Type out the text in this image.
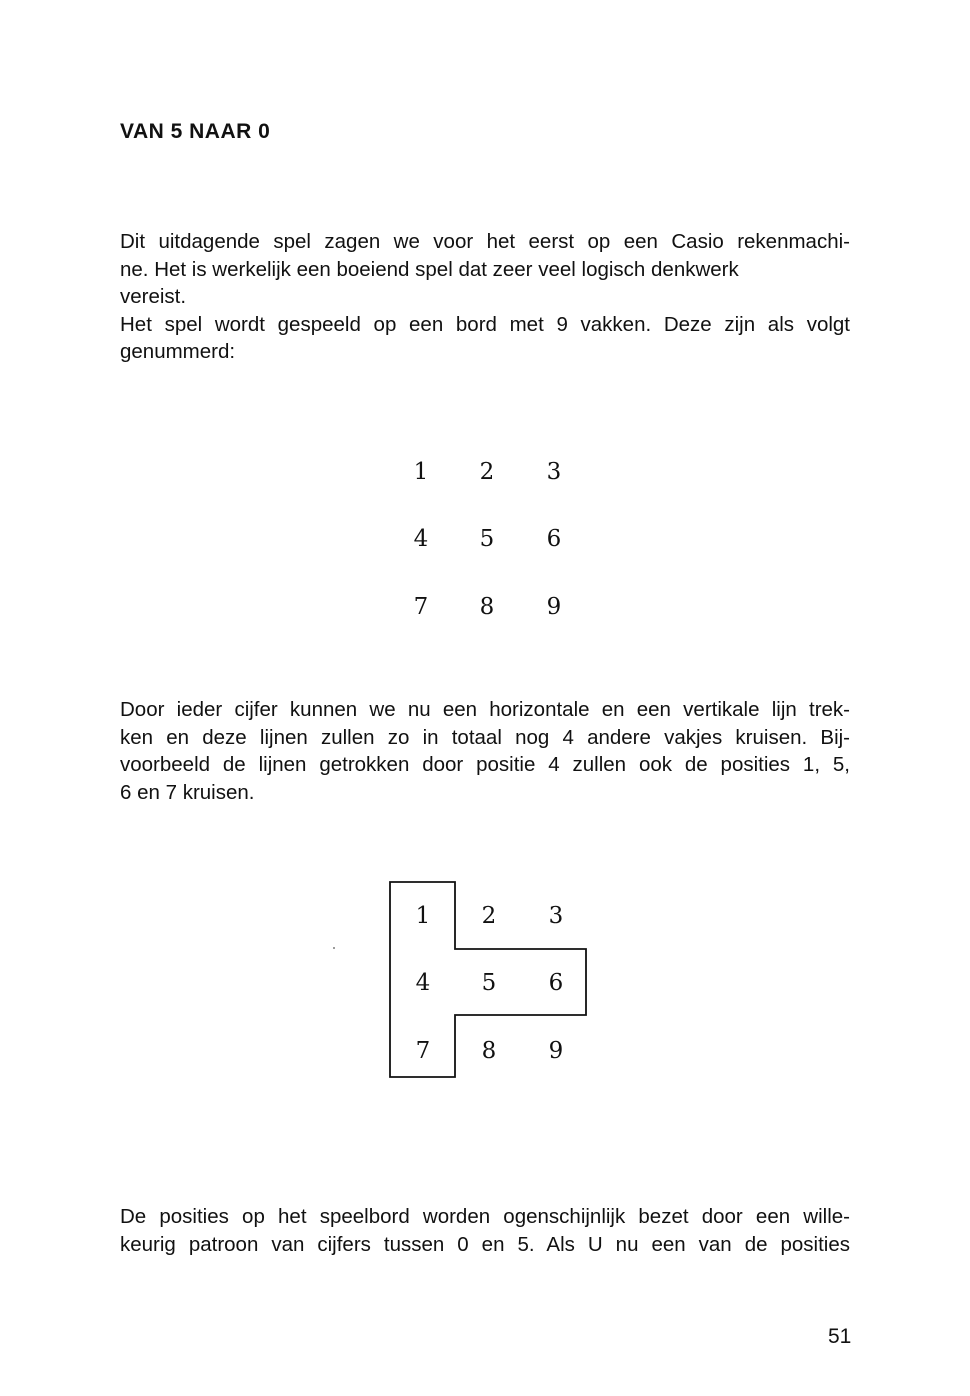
VAN 5 NAAR 0
Dit uitdagende spel zagen we voor het eerst op een Casio rekenmachi-
ne. Het is werkelijk een boeiend spel dat zeer veel logisch denkwerk
vereist.
Het spel wordt gespeeld op een bord met 9 vakken. Deze zijn als volgt
genummerd:
1	2	3
4	5	6
7	8	9
Door ieder cijfer kunnen we nu een horizontale en een vertikale lijn trek-
ken en deze lijnen zullen zo in totaal nog 4 andere vakjes kruisen. Bij-
voorbeeld de lijnen getrokken door positie 4 zullen ook de posities 1, 5,
6 en 7 kruisen.
1	2	3
4	5	6
7	8	9
De posities op het speelbord worden ogenschijnlijk bezet door een wille-
keurig patroon van cijfers tussen 0 en 5. Als U nu een van de posities
51
